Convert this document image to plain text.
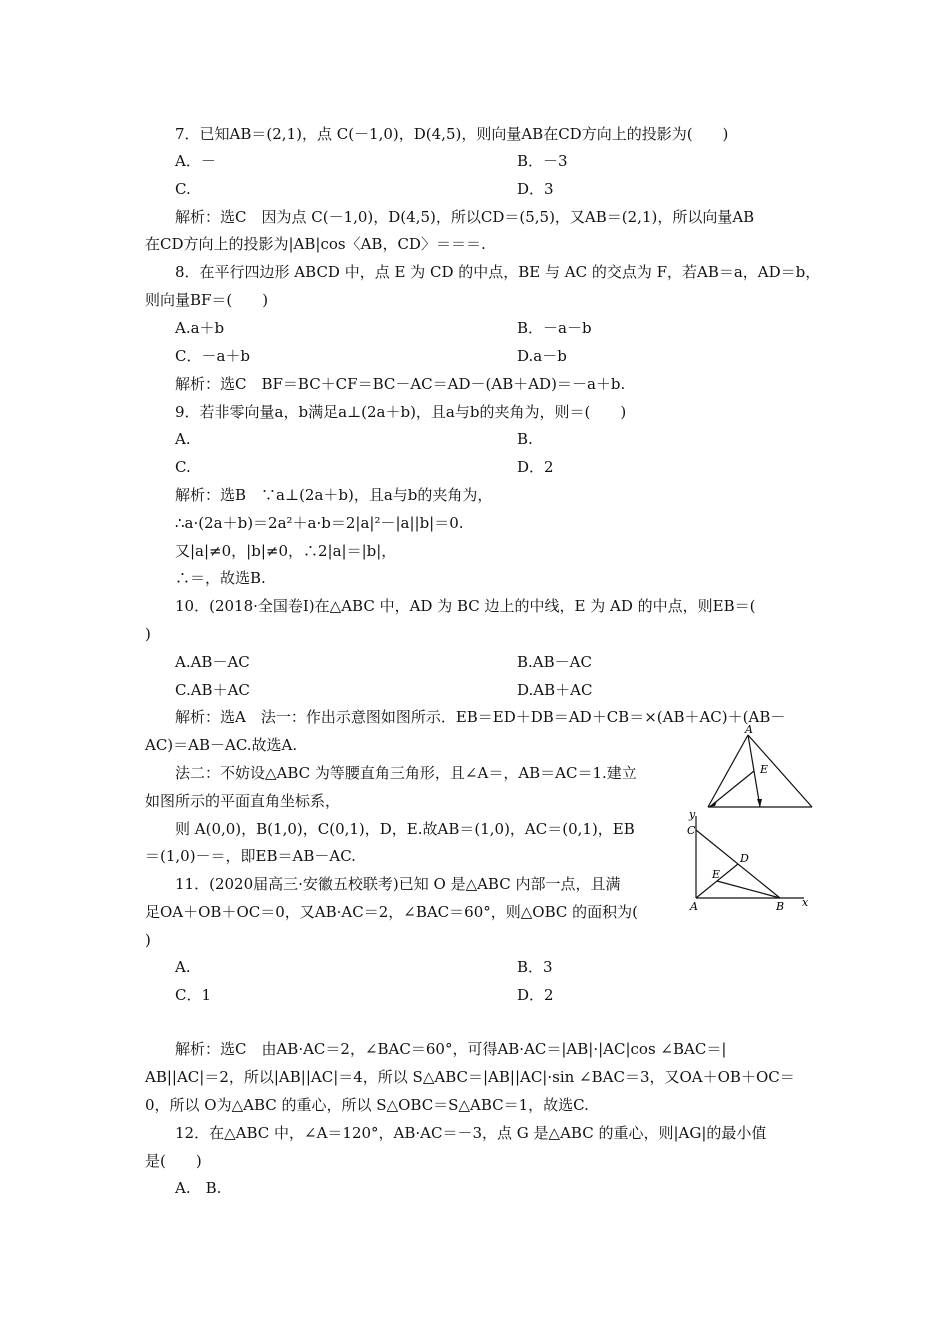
7．已知AB＝(2,1)，点 C(－1,0)，D(4,5)，则向量AB在CD方向上的投影为(　　)
A．－	B．－3
C.	D．3
解析：选C　因为点 C(－1,0)，D(4,5)，所以CD＝(5,5)，又AB＝(2,1)，所以向量AB
在CD方向上的投影为|AB|cos〈AB，CD〉＝＝＝.
8．在平行四边形 ABCD 中，点 E 为 CD 的中点，BE 与 AC 的交点为 F，若AB＝a，AD＝b，
则向量BF＝(　　)
A.a＋b	B．－a－b
C．－a＋b	D.a－b
解析：选C　BF＝BC＋CF＝BC－AC＝AD－(AB＋AD)＝－a＋b.
9．若非零向量a，b满足a⊥(2a＋b)，且a与b的夹角为，则＝(　　)
A.	B.
C.	D．2
解析：选B　∵a⊥(2a＋b)，且a与b的夹角为，
∴a·(2a＋b)＝2a²＋a·b＝2|a|²－|a||b|＝0.
又|a|≠0，|b|≠0，∴2|a|＝|b|，
∴＝，故选B.
10．(2018·全国卷Ⅰ)在△ABC 中，AD 为 BC 边上的中线，E 为 AD 的中点，则EB＝(
)
A.AB－AC	B.AB－AC
C.AB＋AC	D.AB＋AC
解析：选A　法一：作出示意图如图所示．EB＝ED＋DB＝AD＋CB＝×(AB＋AC)＋(AB－
AC)＝AB－AC.故选A.
法二：不妨设△ABC 为等腰直角三角形，且∠A＝，AB＝AC＝1.建立
如图所示的平面直角坐标系，
则 A(0,0)，B(1,0)，C(0,1)，D，E.故AB＝(1,0)，AC＝(0,1)，EB
＝(1,0)－＝，即EB＝AB－AC.
11．(2020届高三·安徽五校联考)已知 O 是△ABC 内部一点，且满
足OA＋OB＋OC＝0，又AB·AC＝2，∠BAC＝60°，则△OBC 的面积为(
)
A.	B．3
C．1	D．2
解析：选C　由AB·AC＝2，∠BAC＝60°，可得AB·AC＝|AB|·|AC|cos ∠BAC＝|
AB||AC|＝2，所以|AB||AC|＝4，所以 S△ABC＝|AB||AC|·sin ∠BAC＝3，又OA＋OB＋OC＝
0，所以 O为△ABC 的重心，所以 S△OBC＝S△ABC＝1，故选C.
12．在△ABC 中，∠A＝120°，AB·AC＝－3，点 G 是△ABC 的重心，则|AG|的最小值
是(　　)
A.　B.
A
E
y
C
D
E
A	B x
